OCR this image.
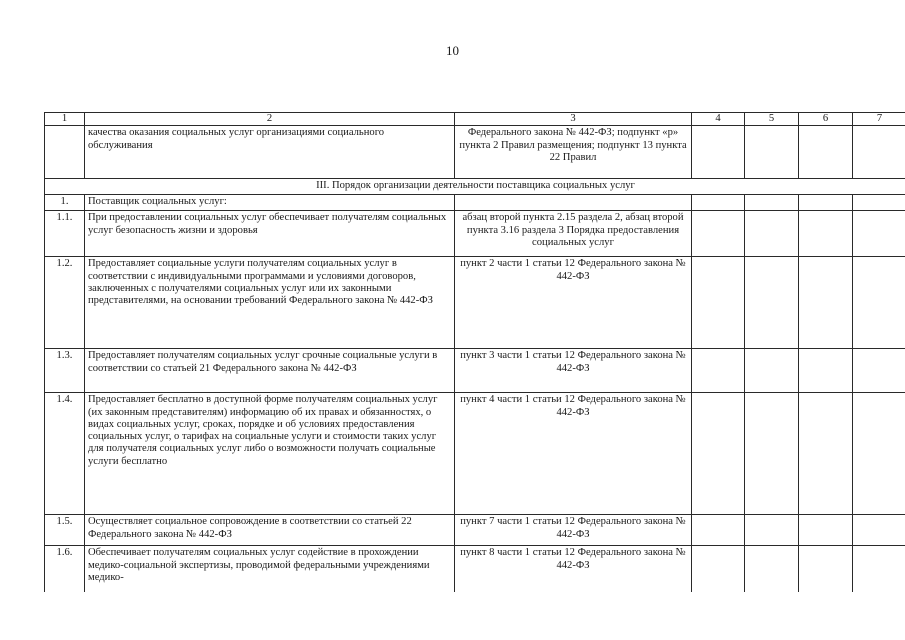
10
1	2	3	4	5	6	7
	качества оказания социальных услуг организациями социального обслуживания	Федерального закона № 442-ФЗ; подпункт «р» пункта 2 Правил размещения; подпункт 13 пункта 22 Правил				
III. Порядок организации деятельности поставщика социальных услуг						
1.	Поставщик социальных услуг:					
1.1.	При предоставлении социальных услуг обеспечивает получателям социальных услуг безопасность жизни и здоровья	абзац второй пункта 2.15 раздела 2, абзац второй пункта 3.16 раздела 3 Порядка предоставления социальных услуг				
1.2.	Предоставляет социальные услуги получателям социальных услуг в соответствии с индивидуальными программами и условиями договоров, заключенных с получателями социальных услуг или их законными представителями, на основании требований Федерального закона № 442-ФЗ	пункт 2 части 1 статьи 12 Федерального закона № 442-ФЗ				
1.3.	Предоставляет получателям социальных услуг срочные социальные услуги в соответствии со статьей 21 Федерального закона № 442-ФЗ	пункт 3 части 1 статьи 12 Федерального закона № 442-ФЗ				
1.4.	Предоставляет бесплатно в доступной форме получателям социальных услуг (их законным представителям) информацию об их правах и обязанностях, о видах социальных услуг, сроках, порядке и об условиях предоставления социальных услуг, о тарифах на социальные услуги и стоимости таких услуг для получателя социальных услуг либо о возможности получать социальные услуги бесплатно	пункт 4 части 1 статьи 12 Федерального закона № 442-ФЗ				
1.5.	Осуществляет социальное сопровождение в соответствии со статьей 22 Федерального закона № 442-ФЗ	пункт 7 части 1 статьи 12 Федерального закона № 442-ФЗ				
1.6.	Обеспечивает получателям социальных услуг содействие в прохождении медико-социальной экспертизы, проводимой федеральными учреждениями медико-	пункт 8 части 1 статьи 12 Федерального закона № 442-ФЗ				
